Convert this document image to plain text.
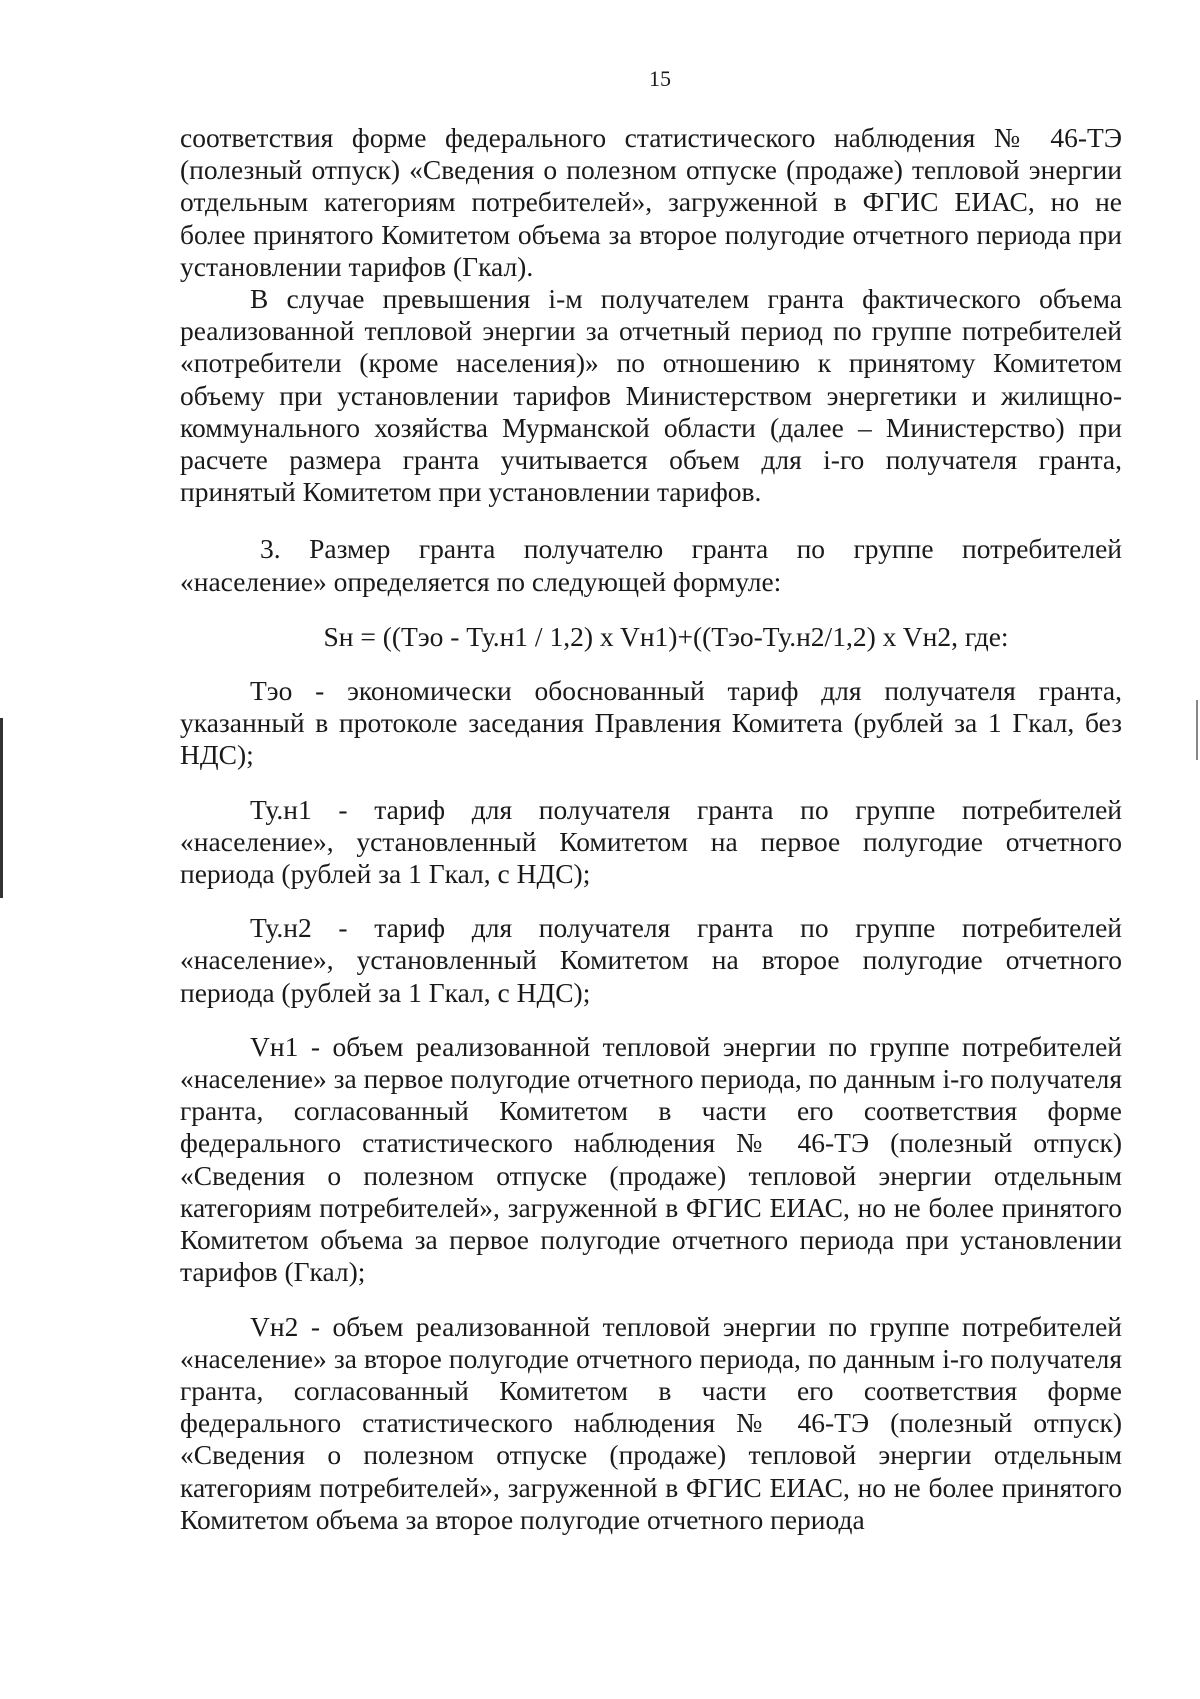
15

соответствия форме федерального статистического наблюдения № 46-ТЭ (полезный отпуск) «Сведения о полезном отпуске (продаже) тепловой энергии отдельным категориям потребителей», загруженной в ФГИС ЕИАС, но не более принятого Комитетом объема за второе полугодие отчетного периода при установлении тарифов (Гкал).

В случае превышения i-м получателем гранта фактического объема реализованной тепловой энергии за отчетный период по группе потребителей «потребители (кроме населения)» по отношению к принятому Комитетом объему при установлении тарифов Министерством энергетики и жилищно-коммунального хозяйства Мурманской области (далее – Министерство) при расчете размера гранта учитывается объем для i-го получателя гранта, принятый Комитетом при установлении тарифов.

3. Размер гранта получателю гранта по группе потребителей «население» определяется по следующей формуле:

Sн = ((Тэо - Ту.н1 / 1,2) x Vн1)+((Тэо-Ту.н2/1,2) x Vн2, где:

Тэо - экономически обоснованный тариф для получателя гранта, указанный в протоколе заседания Правления Комитета (рублей за 1 Гкал, без НДС);

Ту.н1 - тариф для получателя гранта по группе потребителей «население», установленный Комитетом на первое полугодие отчетного периода (рублей за 1 Гкал, с НДС);

Ту.н2 - тариф для получателя гранта по группе потребителей «население», установленный Комитетом на второе полугодие отчетного периода (рублей за 1 Гкал, с НДС);

Vн1 - объем реализованной тепловой энергии по группе потребителей «население» за первое полугодие отчетного периода, по данным i-го получателя гранта, согласованный Комитетом в части его соответствия форме федерального статистического наблюдения № 46-ТЭ (полезный отпуск) «Сведения о полезном отпуске (продаже) тепловой энергии отдельным категориям потребителей», загруженной в ФГИС ЕИАС, но не более принятого Комитетом объема за первое полугодие отчетного периода при установлении тарифов (Гкал);

Vн2 - объем реализованной тепловой энергии по группе потребителей «население» за второе полугодие отчетного периода, по данным i-го получателя гранта, согласованный Комитетом в части его соответствия форме федерального статистического наблюдения № 46-ТЭ (полезный отпуск) «Сведения о полезном отпуске (продаже) тепловой энергии отдельным категориям потребителей», загруженной в ФГИС ЕИАС, но не более принятого Комитетом объема за второе полугодие отчетного периода
